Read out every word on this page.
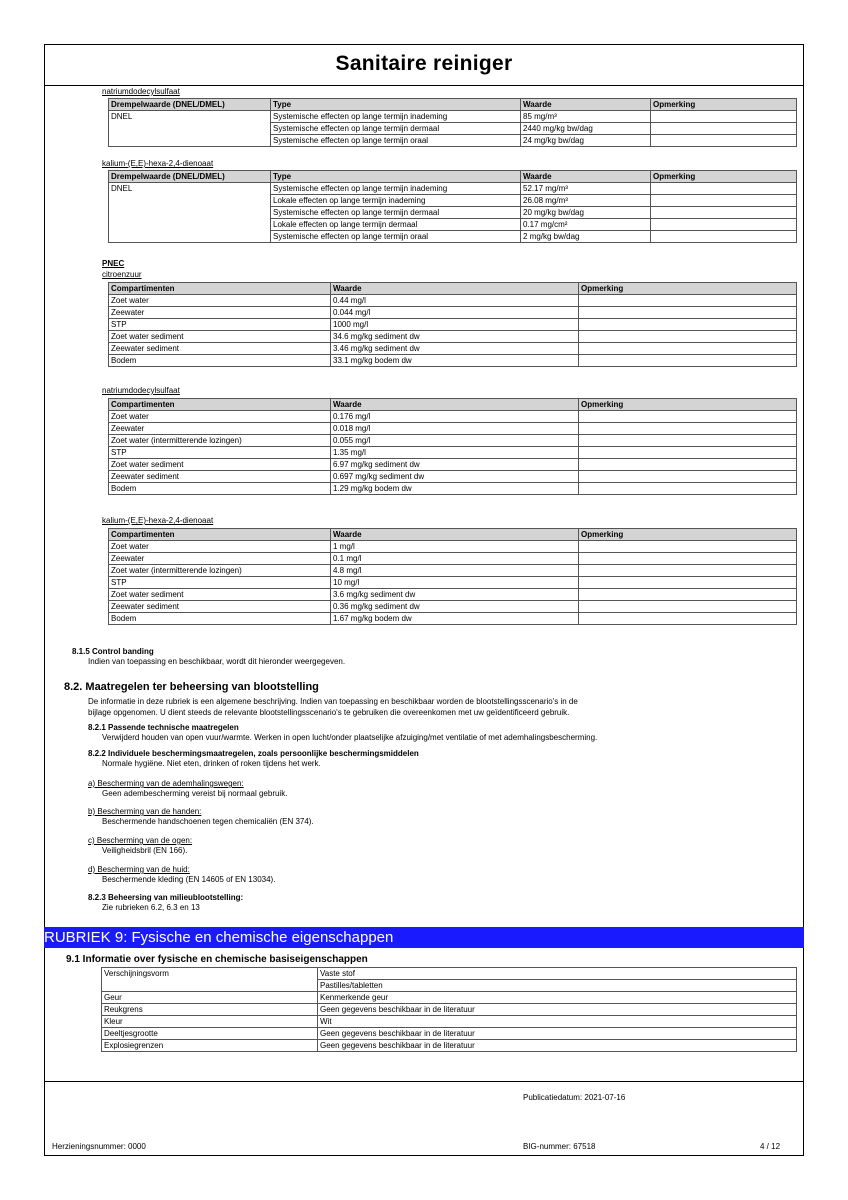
Sanitaire reiniger
natriumdodecylsulfaat
Drempelwaarde (DNEL/DMEL)	Type	Waarde	Opmerking
DNEL	Systemische effecten op lange termijn inademing	85 mg/m³	
	Systemische effecten op lange termijn dermaal	2440 mg/kg bw/dag	
	Systemische effecten op lange termijn oraal	24 mg/kg bw/dag	
kalium-(E,E)-hexa-2,4-dienoaat
Drempelwaarde (DNEL/DMEL)	Type	Waarde	Opmerking
DNEL	Systemische effecten op lange termijn inademing	52.17 mg/m³	
	Lokale effecten op lange termijn inademing	26.08 mg/m³	
	Systemische effecten op lange termijn dermaal	20 mg/kg bw/dag	
	Lokale effecten op lange termijn dermaal	0.17 mg/cm²	
	Systemische effecten op lange termijn oraal	2 mg/kg bw/dag	
PNEC
citroenzuur
Compartimenten	Waarde	Opmerking
Zoet water	0.44 mg/l	
Zeewater	0.044 mg/l	
STP	1000 mg/l	
Zoet water sediment	34.6 mg/kg sediment dw	
Zeewater sediment	3.46 mg/kg sediment dw	
Bodem	33.1 mg/kg bodem dw	
natriumdodecylsulfaat
Compartimenten	Waarde	Opmerking
Zoet water	0.176 mg/l	
Zeewater	0.018 mg/l	
Zoet water (intermitterende lozingen)	0.055 mg/l	
STP	1.35 mg/l	
Zoet water sediment	6.97 mg/kg sediment dw	
Zeewater sediment	0.697 mg/kg sediment dw	
Bodem	1.29 mg/kg bodem dw	
kalium-(E,E)-hexa-2,4-dienoaat
Compartimenten	Waarde	Opmerking
Zoet water	1 mg/l	
Zeewater	0.1 mg/l	
Zoet water (intermitterende lozingen)	4.8 mg/l	
STP	10 mg/l	
Zoet water sediment	3.6 mg/kg sediment dw	
Zeewater sediment	0.36 mg/kg sediment dw	
Bodem	1.67 mg/kg bodem dw	
8.1.5 Control banding
Indien van toepassing en beschikbaar, wordt dit hieronder weergegeven.
8.2. Maatregelen ter beheersing van blootstelling
De informatie in deze rubriek is een algemene beschrijving. Indien van toepassing en beschikbaar worden de blootstellingsscenario's in de
bijlage opgenomen. U dient steeds de relevante blootstellingsscenario's te gebruiken die overeenkomen met uw geïdentificeerd gebruik.
8.2.1 Passende technische maatregelen
Verwijderd houden van open vuur/warmte. Werken in open lucht/onder plaatselijke afzuiging/met ventilatie of met ademhalingsbescherming.
8.2.2 Individuele beschermingsmaatregelen, zoals persoonlijke beschermingsmiddelen
Normale hygiëne. Niet eten, drinken of roken tijdens het werk.
a) Bescherming van de ademhalingswegen:
Geen adembescherming vereist bij normaal gebruik.
b) Bescherming van de handen:
Beschermende handschoenen tegen chemicaliën (EN 374).
c) Bescherming van de ogen:
Veiligheidsbril (EN 166).
d) Bescherming van de huid:
Beschermende kleding (EN 14605 of EN 13034).
8.2.3 Beheersing van milieublootstelling:
Zie rubrieken 6.2, 6.3 en 13
RUBRIEK 9: Fysische en chemische eigenschappen
9.1 Informatie over fysische en chemische basiseigenschappen
Verschijningsvorm	Vaste stof
	Pastilles/tabletten
Geur	Kenmerkende geur
Reukgrens	Geen gegevens beschikbaar in de literatuur
Kleur	Wit
Deeltjesgrootte	Geen gegevens beschikbaar in de literatuur
Explosiegrenzen	Geen gegevens beschikbaar in de literatuur
Publicatiedatum: 2021-07-16
Herzieningsnummer: 0000	BIG-nummer: 67518	4 / 12
